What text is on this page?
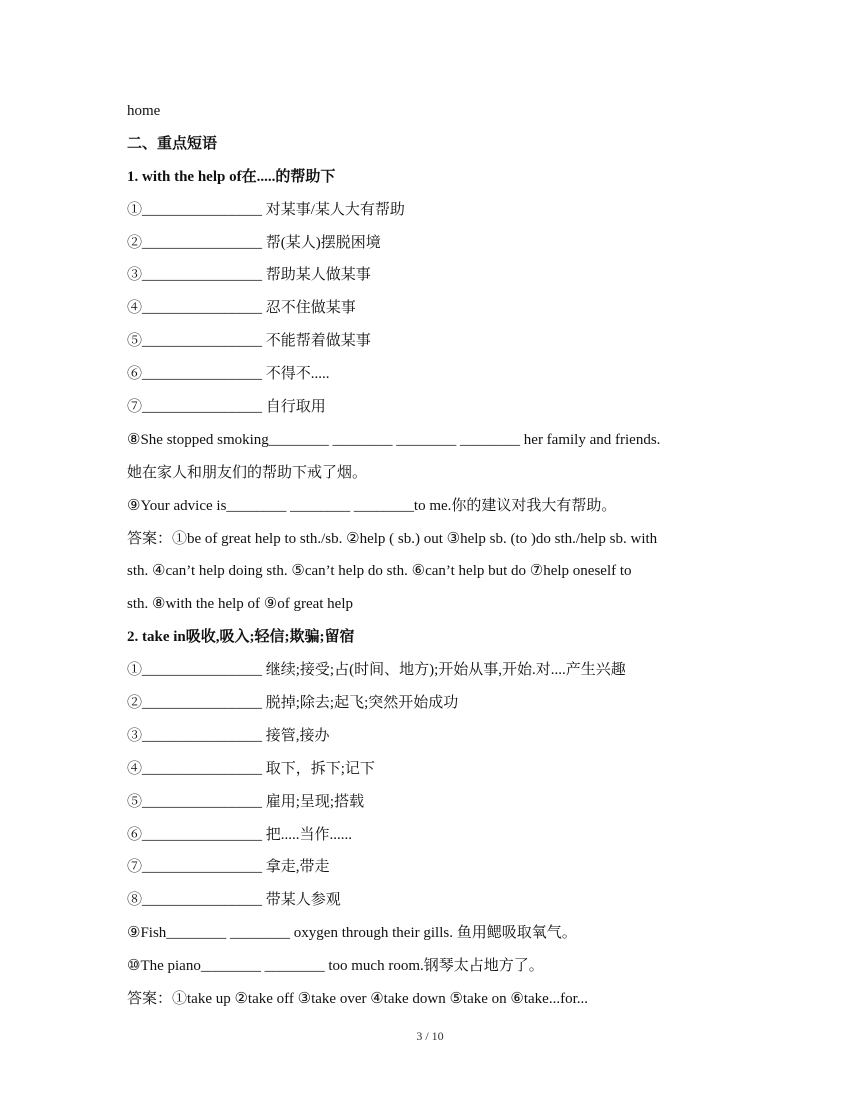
home
二、重点短语
1. with the help of在.....的帮助下
①________________ 对某事/某人大有帮助
②________________ 帮(某人)摆脱困境
③________________ 帮助某人做某事
④________________ 忍不住做某事
⑤________________ 不能帮着做某事
⑥________________ 不得不.....
⑦________________ 自行取用
⑧She stopped smoking________ ________ ________ ________ her family and friends.
她在家人和朋友们的帮助下戒了烟。
⑨Your advice is________ ________ ________to me.你的建议对我大有帮助。
答案：①be of great help to sth./sb. ②help ( sb.) out ③help sb. (to )do sth./help sb. with
sth. ④can’t help doing sth. ⑤can’t help do sth. ⑥can’t help but do ⑦help oneself to
sth. ⑧with the help of ⑨of great help
2. take in吸收,吸入;轻信;欺骗;留宿
①________________ 继续;接受;占(时间、地方);开始从事,开始.对....产生兴趣
②________________ 脱掉;除去;起飞;突然开始成功
③________________ 接管,接办
④________________ 取下，拆下;记下
⑤________________ 雇用;呈现;搭载
⑥________________ 把.....当作......
⑦________________ 拿走,带走
⑧________________ 带某人参观
⑨Fish________ ________ oxygen through their gills. 鱼用鳃吸取氧气。
⑩The piano________ ________ too much room.钢琴太占地方了。
答案：①take up ②take off ③take over ④take down ⑤take on ⑥take...for...
3 / 10
